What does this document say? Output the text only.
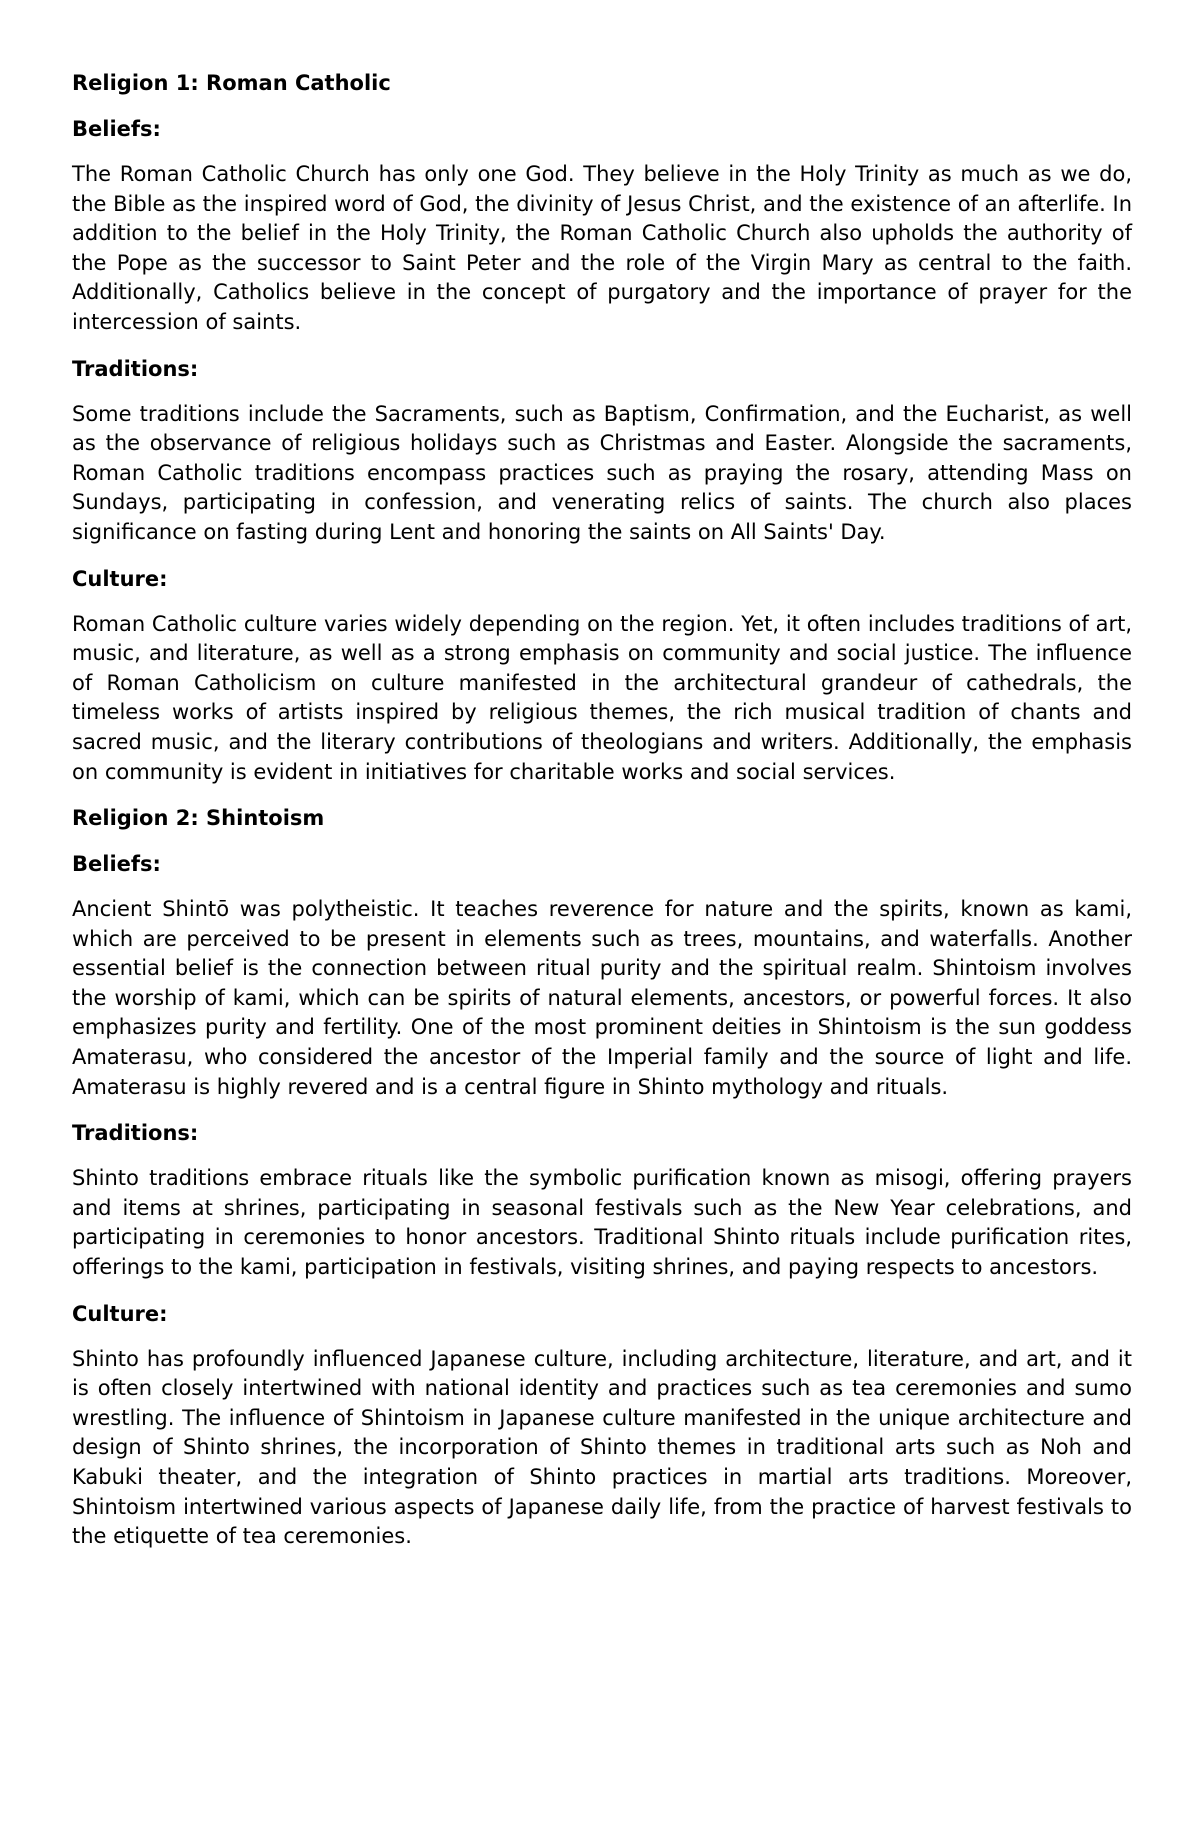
Religion 1: Roman Catholic
Beliefs:
The Roman Catholic Church has only one God. They believe in the Holy Trinity as much as we do, the Bible as the inspired word of God, the divinity of Jesus Christ, and the existence of an afterlife. In addition to the belief in the Holy Trinity, the Roman Catholic Church also upholds the authority of the Pope as the successor to Saint Peter and the role of the Virgin Mary as central to the faith. Additionally, Catholics believe in the concept of purgatory and the importance of prayer for the intercession of saints.
Traditions:
Some traditions include the Sacraments, such as Baptism, Confirmation, and the Eucharist, as well as the observance of religious holidays such as Christmas and Easter. Alongside the sacraments, Roman Catholic traditions encompass practices such as praying the rosary, attending Mass on Sundays, participating in confession, and venerating relics of saints. The church also places significance on fasting during Lent and honoring the saints on All Saints' Day.
Culture:
Roman Catholic culture varies widely depending on the region. Yet, it often includes traditions of art, music, and literature, as well as a strong emphasis on community and social justice. The influence of Roman Catholicism on culture manifested in the architectural grandeur of cathedrals, the timeless works of artists inspired by religious themes, the rich musical tradition of chants and sacred music, and the literary contributions of theologians and writers. Additionally, the emphasis on community is evident in initiatives for charitable works and social services.
Religion 2: Shintoism
Beliefs:
Ancient Shintō was polytheistic. It teaches reverence for nature and the spirits, known as kami, which are perceived to be present in elements such as trees, mountains, and waterfalls. Another essential belief is the connection between ritual purity and the spiritual realm. Shintoism involves the worship of kami, which can be spirits of natural elements, ancestors, or powerful forces. It also emphasizes purity and fertility. One of the most prominent deities in Shintoism is the sun goddess Amaterasu, who considered the ancestor of the Imperial family and the source of light and life. Amaterasu is highly revered and is a central figure in Shinto mythology and rituals.
Traditions:
Shinto traditions embrace rituals like the symbolic purification known as misogi, offering prayers and items at shrines, participating in seasonal festivals such as the New Year celebrations, and participating in ceremonies to honor ancestors. Traditional Shinto rituals include purification rites, offerings to the kami, participation in festivals, visiting shrines, and paying respects to ancestors.
Culture:
Shinto has profoundly influenced Japanese culture, including architecture, literature, and art, and it is often closely intertwined with national identity and practices such as tea ceremonies and sumo wrestling. The influence of Shintoism in Japanese culture manifested in the unique architecture and design of Shinto shrines, the incorporation of Shinto themes in traditional arts such as Noh and Kabuki theater, and the integration of Shinto practices in martial arts traditions. Moreover, Shintoism intertwined various aspects of Japanese daily life, from the practice of harvest festivals to the etiquette of tea ceremonies.
